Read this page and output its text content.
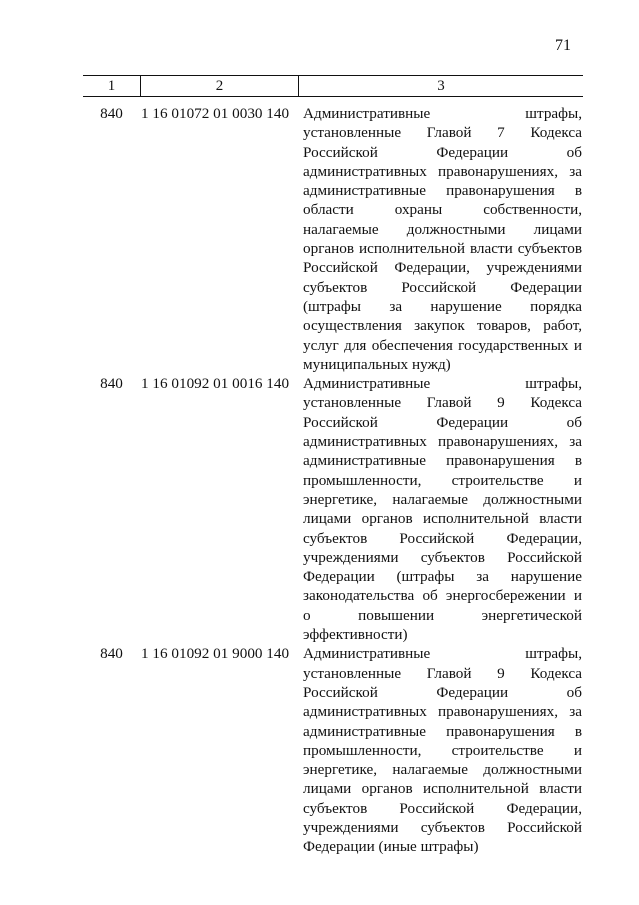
71
1	2	3
840	1 16 01072 01 0030 140 Административные штрафы,
установленные Главой 7 Кодекса
Российской Федерации об
административных правонарушениях, за
административные правонарушения в
области охраны собственности,
налагаемые должностными лицами
органов исполнительной власти субъектов
Российской Федерации, учреждениями
субъектов Российской Федерации
(штрафы за нарушение порядка
осуществления закупок товаров, работ,
услуг для обеспечения государственных и
муниципальных нужд)
840	1 16 01092 01 0016 140 Административные штрафы,
установленные Главой 9 Кодекса
Российской Федерации об
административных правонарушениях, за
административные правонарушения в
промышленности, строительстве и
энергетике, налагаемые должностными
лицами органов исполнительной власти
субъектов Российской Федерации,
учреждениями субъектов Российской
Федерации (штрафы за нарушение
законодательства об энергосбережении и
о повышении энергетической
эффективности)
840	1 16 01092 01 9000 140 Административные штрафы,
установленные Главой 9 Кодекса
Российской Федерации об
административных правонарушениях, за
административные правонарушения в
промышленности, строительстве и
энергетике, налагаемые должностными
лицами органов исполнительной власти
субъектов Российской Федерации,
учреждениями субъектов Российской
Федерации (иные штрафы)
